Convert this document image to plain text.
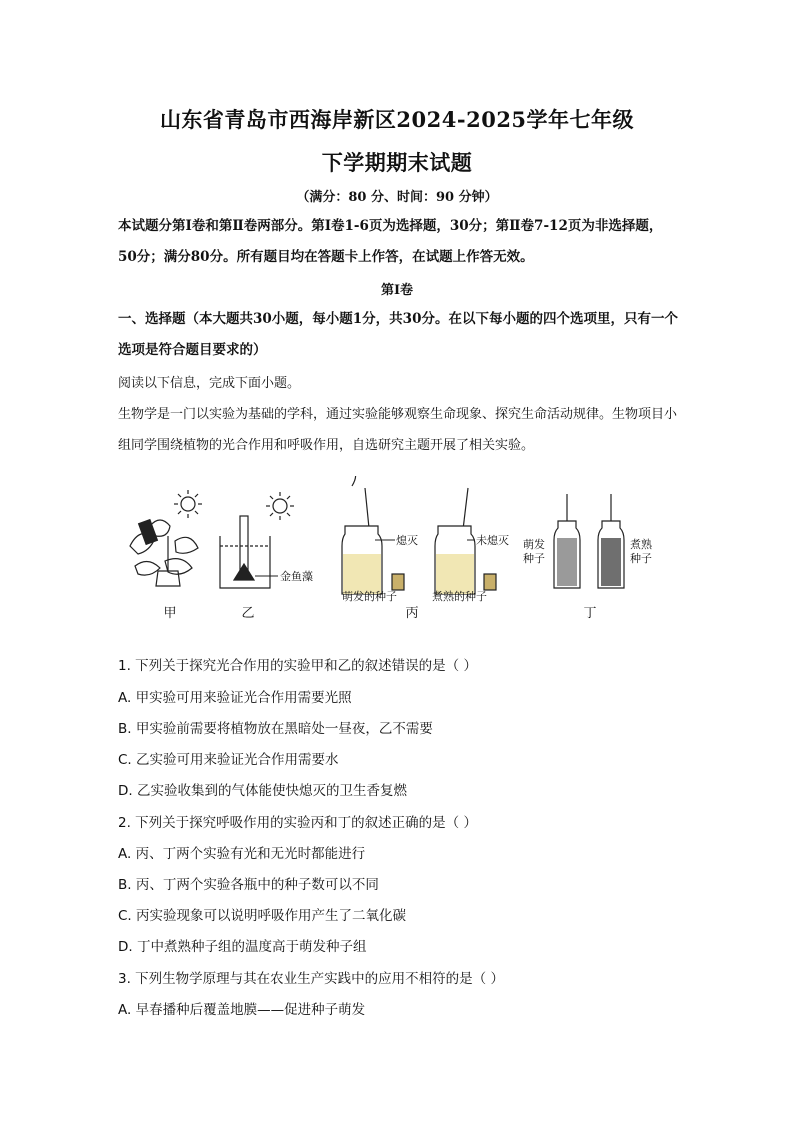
山东省青岛市西海岸新区2024-2025学年七年级
下学期期末试题
（满分：80 分、时间：90 分钟）
本试题分第Ⅰ卷和第Ⅱ卷两部分。第Ⅰ卷1-6页为选择题，30分；第Ⅱ卷7-12页为非选择题，50分；满分80分。所有题目均在答题卡上作答，在试题上作答无效。
第Ⅰ卷
一、选择题（本大题共30小题，每小题1分，共30分。在以下每小题的四个选项里，只有一个选项是符合题目要求的）
阅读以下信息，完成下面小题。
生物学是一门以实验为基础的学科，通过实验能够观察生命现象、探究生命活动规律。生物项目小组同学围绕植物的光合作用和呼吸作用，自选研究主题开展了相关实验。
甲
金鱼藻
乙
熄灭	未熄灭
萌发的种子	煮熟的种子
丙
萌发
种子
煮熟
种子
丁
1. 下列关于探究光合作用的实验甲和乙的叙述错误的是（ ）
A. 甲实验可用来验证光合作用需要光照
B. 甲实验前需要将植物放在黑暗处一昼夜，乙不需要
C. 乙实验可用来验证光合作用需要水
D. 乙实验收集到的气体能使快熄灭的卫生香复燃
2. 下列关于探究呼吸作用的实验丙和丁的叙述正确的是（ ）
A. 丙、丁两个实验有光和无光时都能进行
B. 丙、丁两个实验各瓶中的种子数可以不同
C. 丙实验现象可以说明呼吸作用产生了二氧化碳
D. 丁中煮熟种子组的温度高于萌发种子组
3. 下列生物学原理与其在农业生产实践中的应用不相符的是（ ）
A. 早春播种后覆盖地膜——促进种子萌发
